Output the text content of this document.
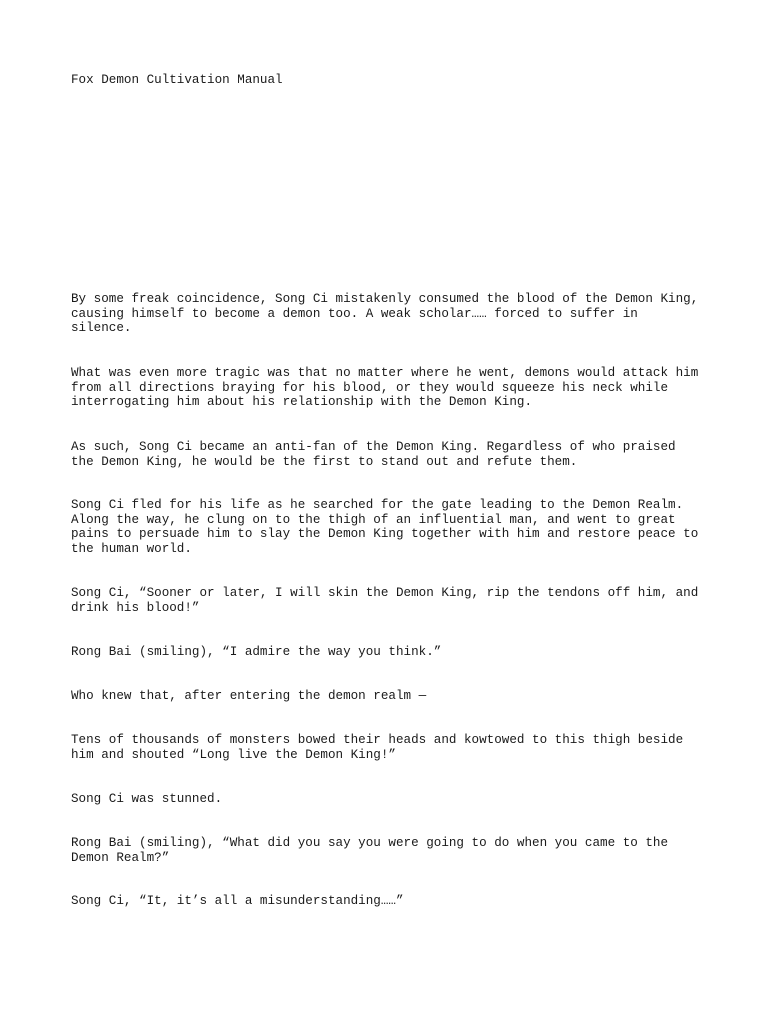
Fox Demon Cultivation Manual

By some freak coincidence, Song Ci mistakenly consumed the blood of the Demon King,
causing himself to become a demon too. A weak scholar…… forced to suffer in
silence.

What was even more tragic was that no matter where he went, demons would attack him
from all directions braying for his blood, or they would squeeze his neck while
interrogating him about his relationship with the Demon King.

As such, Song Ci became an anti-fan of the Demon King. Regardless of who praised
the Demon King, he would be the first to stand out and refute them.

Song Ci fled for his life as he searched for the gate leading to the Demon Realm.
Along the way, he clung on to the thigh of an influential man, and went to great
pains to persuade him to slay the Demon King together with him and restore peace to
the human world.

Song Ci, “Sooner or later, I will skin the Demon King, rip the tendons off him, and
drink his blood!”

Rong Bai (smiling), “I admire the way you think.”

Who knew that, after entering the demon realm —

Tens of thousands of monsters bowed their heads and kowtowed to this thigh beside
him and shouted “Long live the Demon King!”

Song Ci was stunned.

Rong Bai (smiling), “What did you say you were going to do when you came to the
Demon Realm?”

Song Ci, “It, it’s all a misunderstanding……”
